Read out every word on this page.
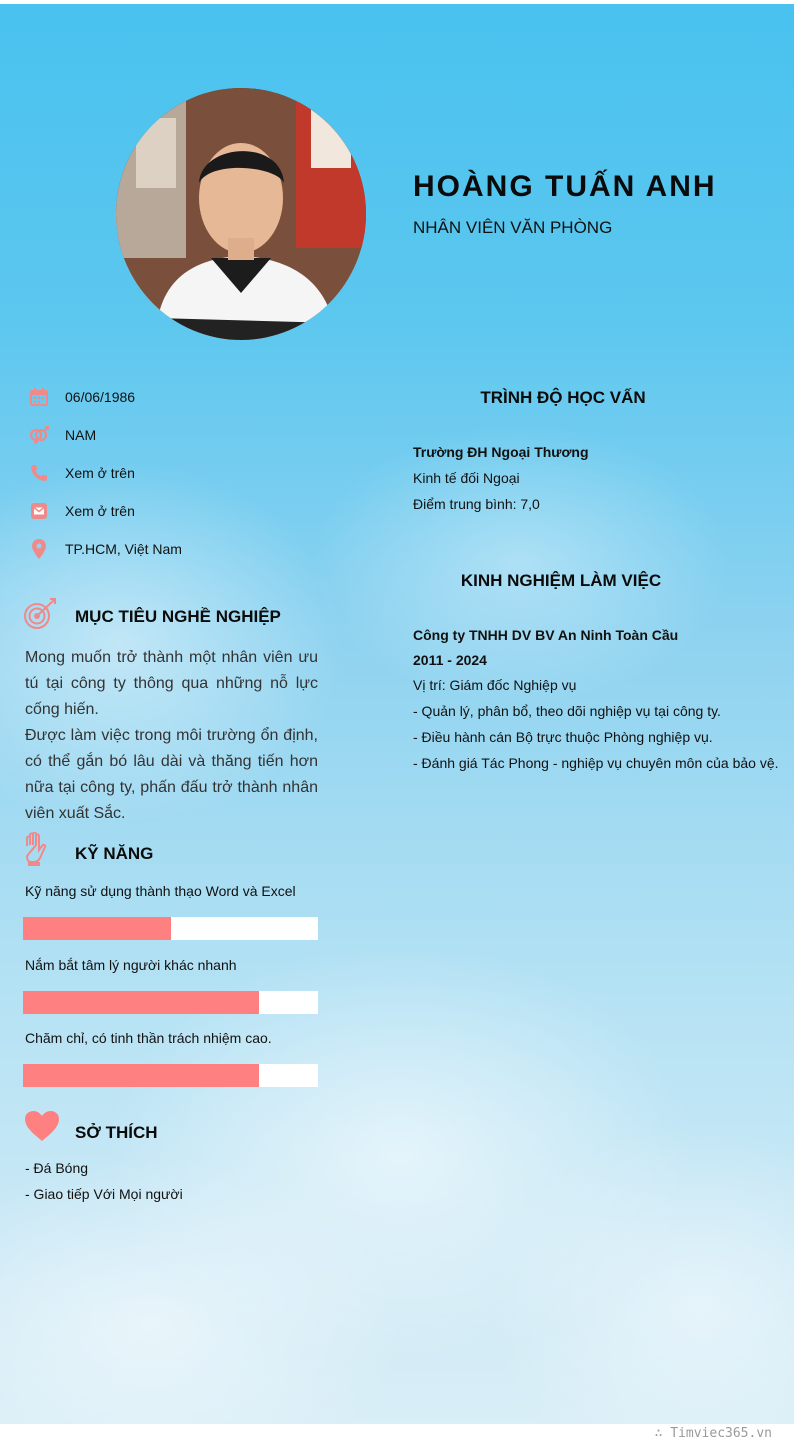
HOÀNG TUẤN ANH
NHÂN VIÊN VĂN PHÒNG
06/06/1986
NAM
Xem ở trên
Xem ở trên
TP.HCM, Việt Nam
MỤC TIÊU NGHỀ NGHIỆP

Mong muốn trở thành một nhân viên ưu tú tại công ty thông qua những nỗ lực cống hiến.

Được làm việc trong môi trường ổn định, có thể gắn bó lâu dài và thăng tiến hơn nữa tại công ty, phấn đấu trở thành nhân viên xuất Sắc.

KỸ NĂNG
Kỹ năng sử dụng thành thạo Word và Excel
Nắm bắt tâm lý người khác nhanh
Chăm chỉ, có tinh thần trách nhiệm cao.
SỞ THÍCH
- Đá Bóng
- Giao tiếp Với Mọi người
TRÌNH ĐỘ HỌC VẤN
Trường ĐH Ngoại Thương
Kinh tế đối Ngoại
Điểm trung bình: 7,0
KINH NGHIỆM LÀM VIỆC
Công ty TNHH DV BV An Ninh Toàn Cầu
2011 - 2024
Vị trí: Giám đốc Nghiệp vụ
- Quản lý, phân bổ, theo dõi nghiệp vụ tại công ty.
- Điều hành cán Bộ trực thuộc Phòng nghiệp vụ.
- Đánh giá Tác Phong - nghiệp vụ chuyên môn của bảo vệ.
∴ Timviec365.vn
